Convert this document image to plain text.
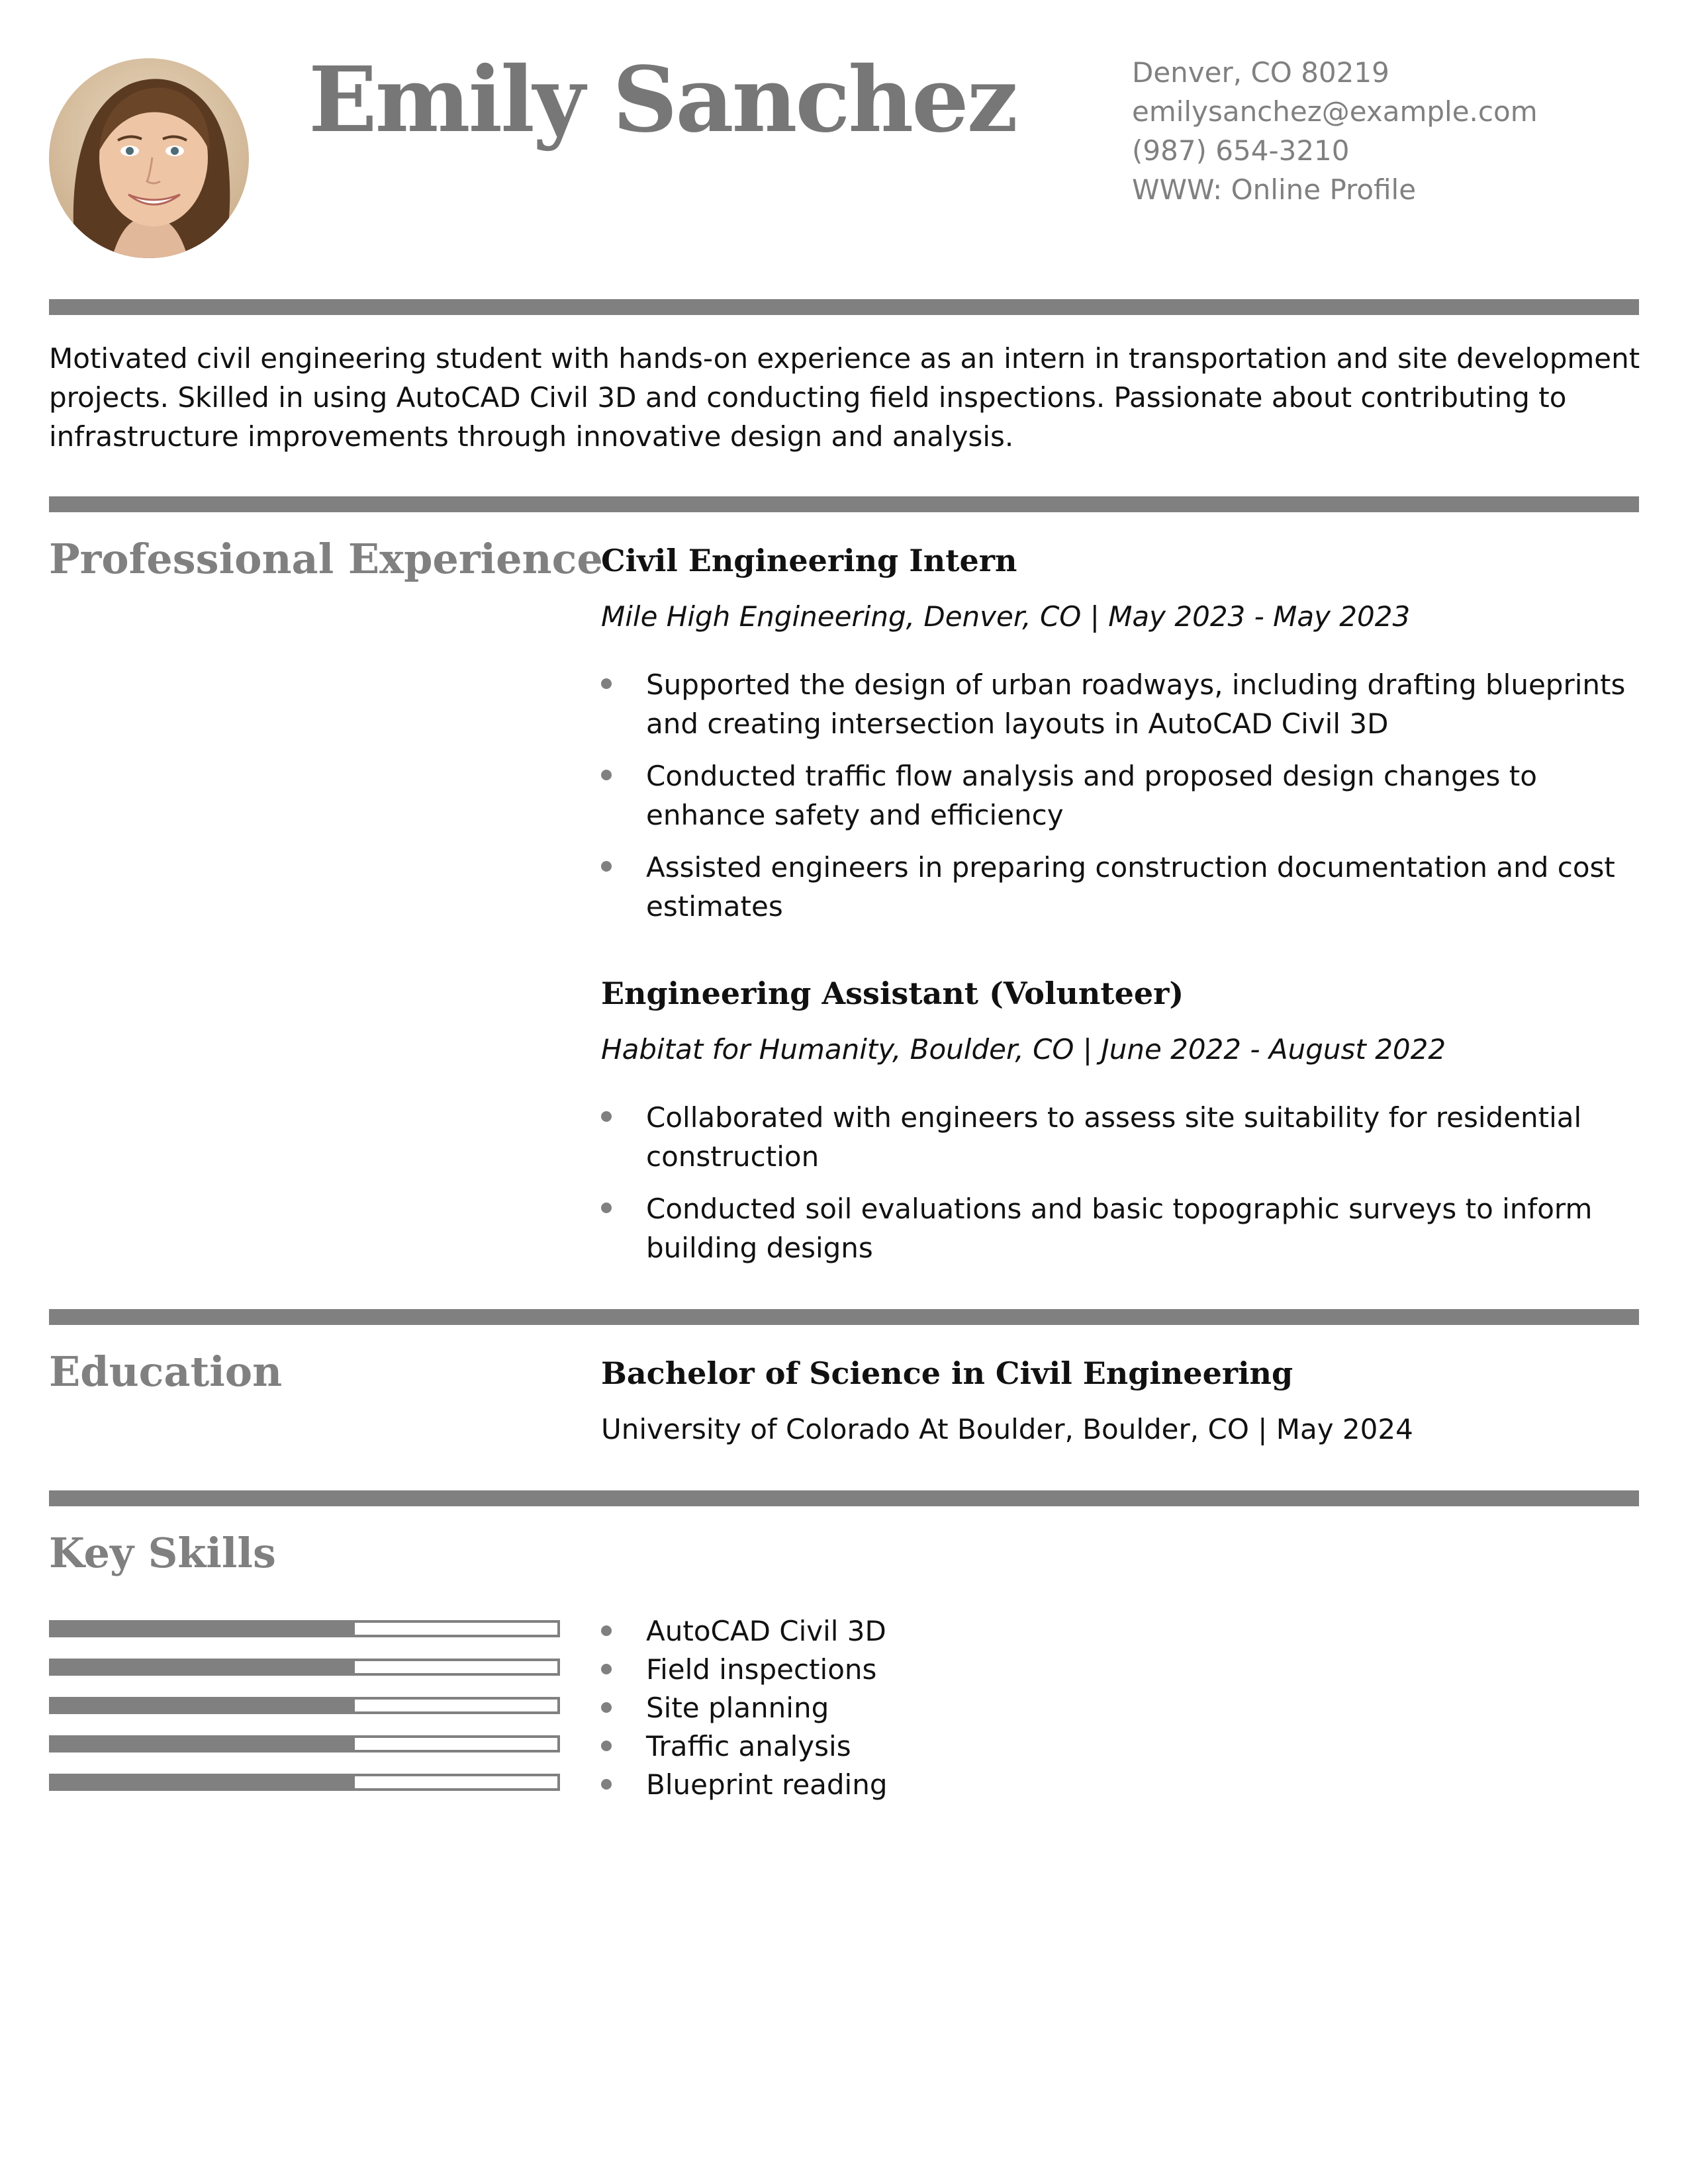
Emily Sanchez	Denver, CO 80219
emilysanchez@example.com
(987) 654-3210
WWW: Online Profile
Motivated civil engineering student with hands-on experience as an intern in transportation and site development projects. Skilled in using AutoCAD Civil 3D and conducting field inspections. Passionate about contributing to infrastructure improvements through innovative design and analysis.
Professional Experience
Civil Engineering Intern
Mile High Engineering, Denver, CO | May 2023 - May 2023
Supported the design of urban roadways, including drafting blueprints and creating intersection layouts in AutoCAD Civil 3D
Conducted traffic flow analysis and proposed design changes to enhance safety and efficiency
Assisted engineers in preparing construction documentation and cost estimates
Engineering Assistant (Volunteer)
Habitat for Humanity, Boulder, CO | June 2022 - August 2022
Collaborated with engineers to assess site suitability for residential construction
Conducted soil evaluations and basic topographic surveys to inform building designs
Education	Bachelor of Science in Civil Engineering
University of Colorado At Boulder, Boulder, CO | May 2024
Key Skills
AutoCAD Civil 3D
Field inspections
Site planning
Traffic analysis
Blueprint reading
